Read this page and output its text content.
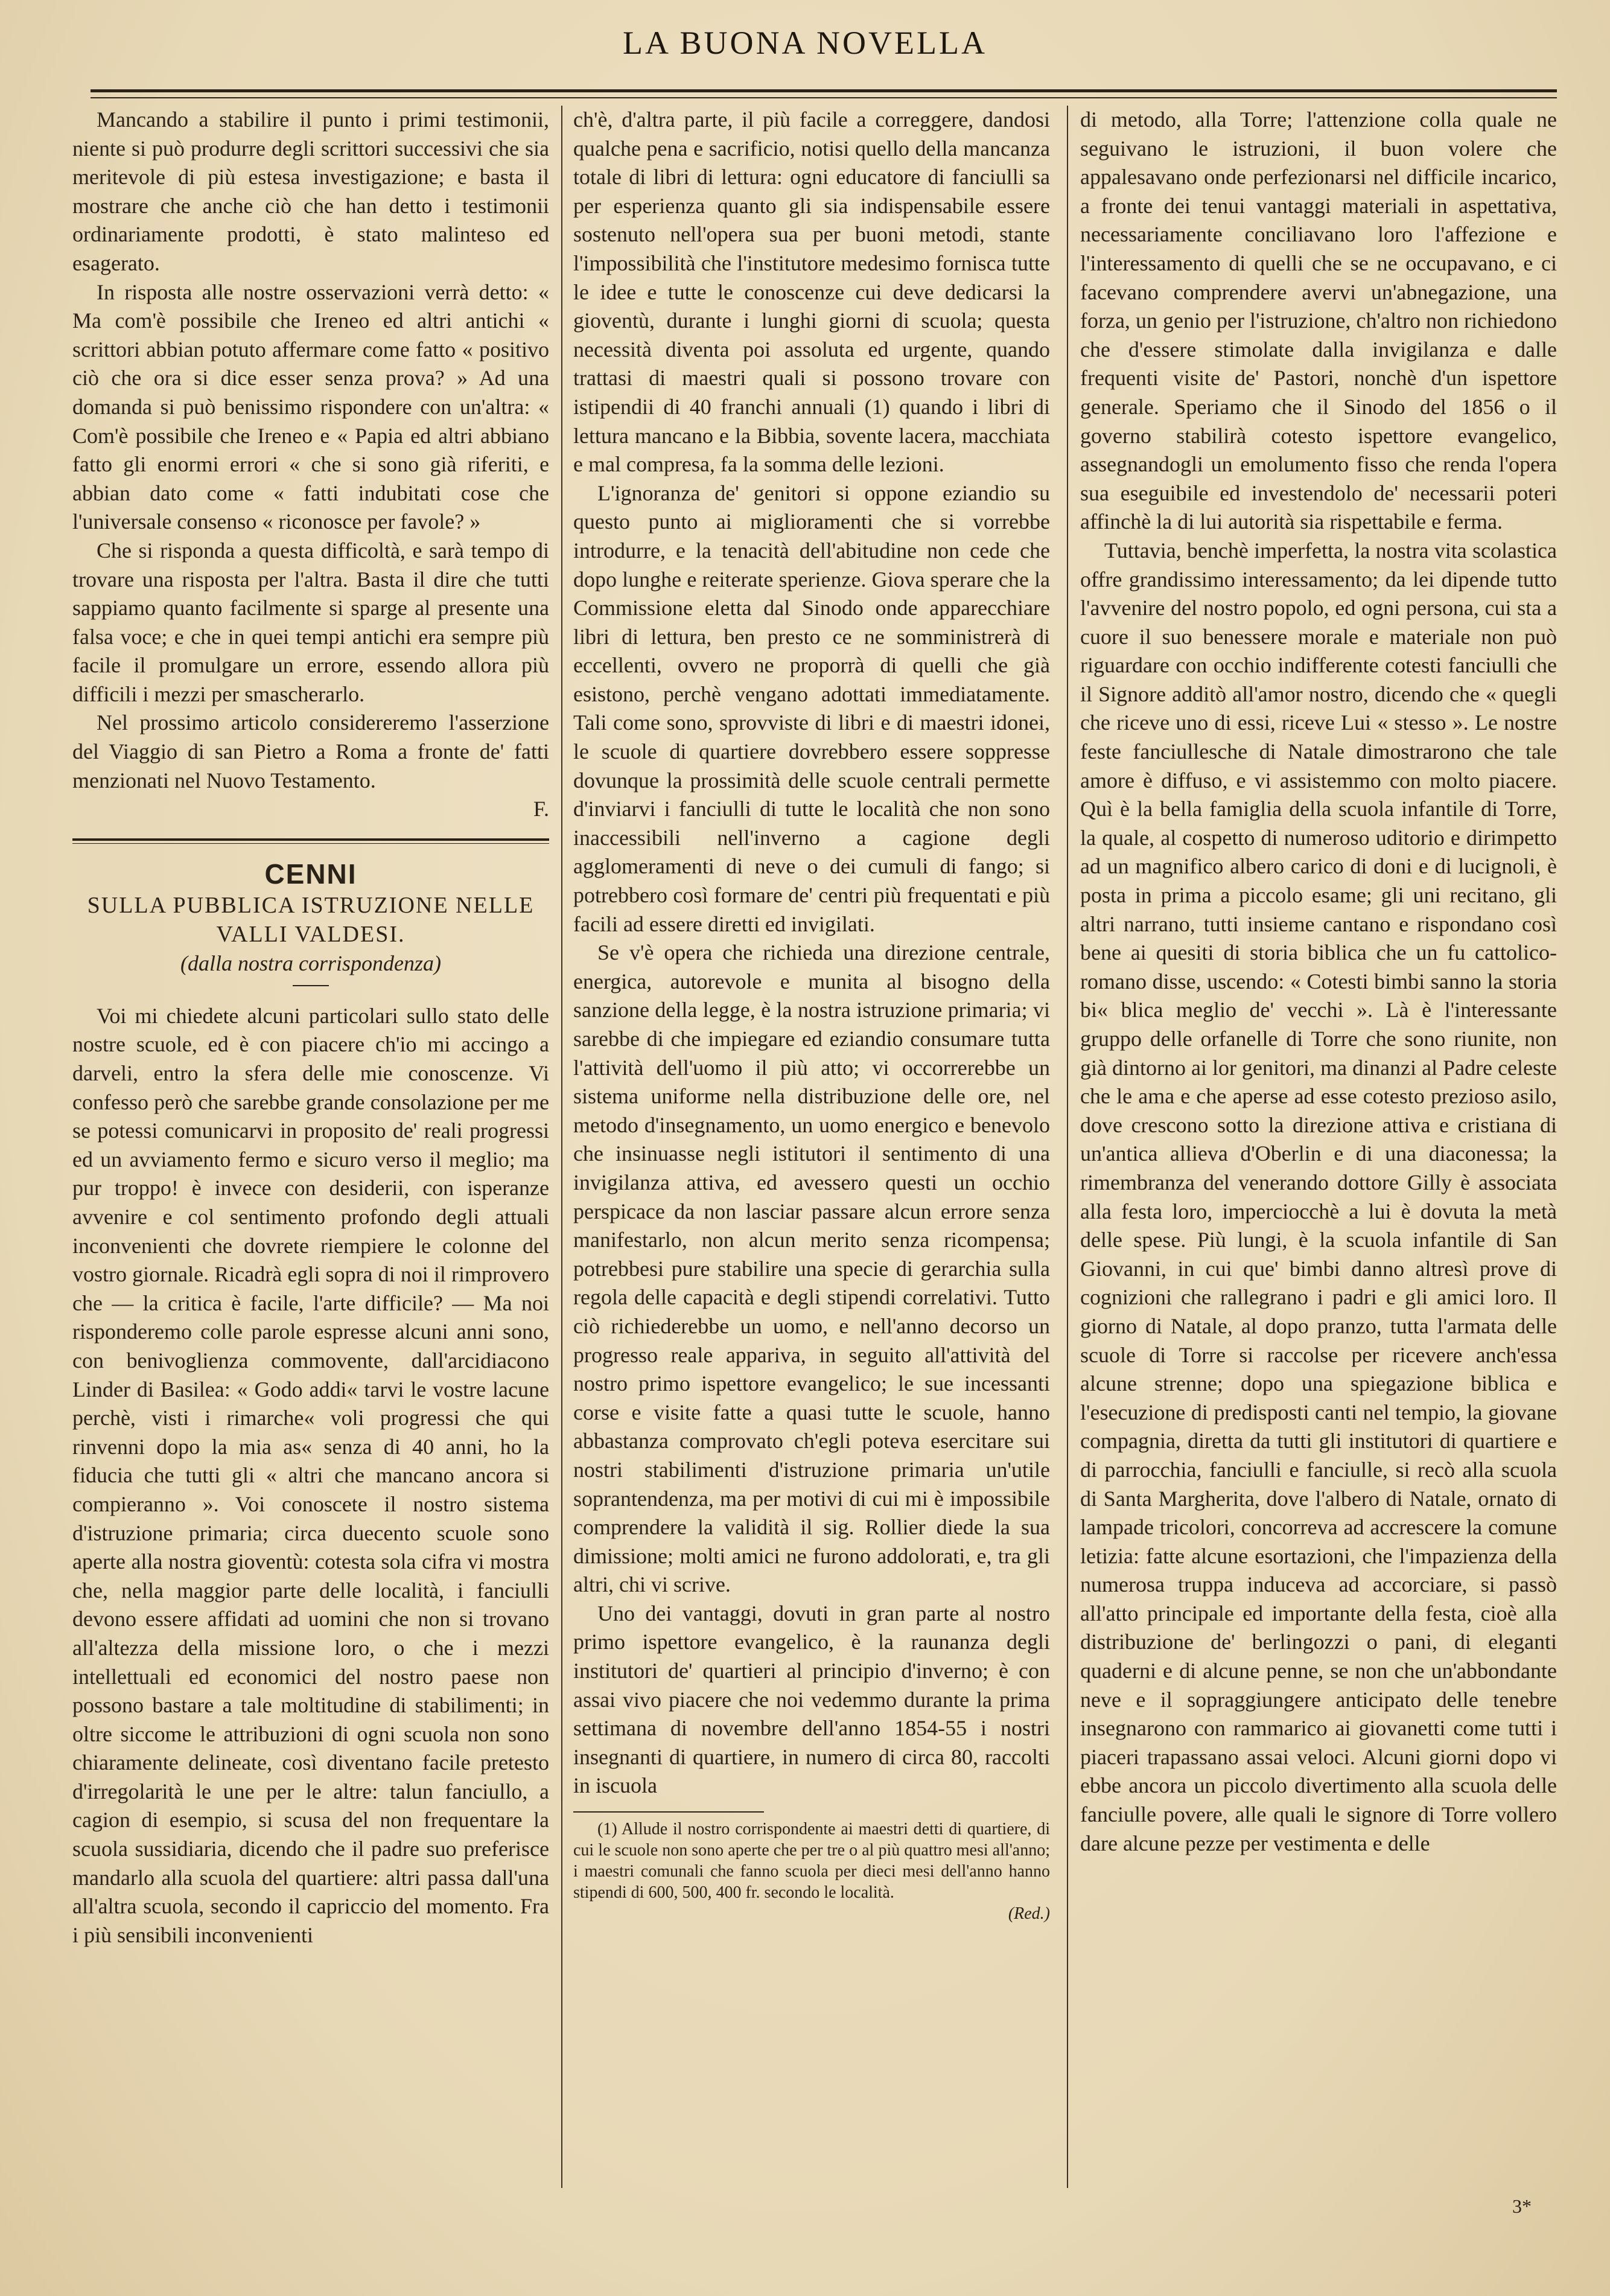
LA BUONA NOVELLA

Mancando a stabilire il punto i primi testimonii, niente si può produrre degli scrittori successivi che sia meritevole di più estesa investigazione; e basta il mostrare che anche ciò che han detto i testimonii ordinariamente prodotti, è stato malinteso ed esagerato.

In risposta alle nostre osservazioni verrà detto: « Ma com'è possibile che Ireneo ed altri antichi « scrittori abbian potuto affermare come fatto « positivo ciò che ora si dice esser senza prova? » Ad una domanda si può benissimo rispondere con un'altra: « Com'è possibile che Ireneo e « Papia ed altri abbiano fatto gli enormi errori « che si sono già riferiti, e abbian dato come « fatti indubitati cose che l'universale consenso « riconosce per favole? »

Che si risponda a questa difficoltà, e sarà tempo di trovare una risposta per l'altra. Basta il dire che tutti sappiamo quanto facilmente si sparge al presente una falsa voce; e che in quei tempi antichi era sempre più facile il promulgare un errore, essendo allora più difficili i mezzi per smascherarlo.

Nel prossimo articolo considereremo l'asserzione del Viaggio di san Pietro a Roma a fronte de' fatti menzionati nel Nuovo Testamento.

F.

CENNI
SULLA PUBBLICA ISTRUZIONE NELLE VALLI VALDESI.
(dalla nostra corrispondenza)

Voi mi chiedete alcuni particolari sullo stato delle nostre scuole, ed è con piacere ch'io mi accingo a darveli, entro la sfera delle mie conoscenze. Vi confesso però che sarebbe grande consolazione per me se potessi comunicarvi in proposito de' reali progressi ed un avviamento fermo e sicuro verso il meglio; ma pur troppo! è invece con desiderii, con isperanze avvenire e col sentimento profondo degli attuali inconvenienti che dovrete riempiere le colonne del vostro giornale. Ricadrà egli sopra di noi il rimprovero che — la critica è facile, l'arte difficile? — Ma noi risponderemo colle parole espresse alcuni anni sono, con benivoglienza commovente, dall'arcidiacono Linder di Basilea: « Godo addi« tarvi le vostre lacune perchè, visti i rimarche« voli progressi che qui rinvenni dopo la mia as« senza di 40 anni, ho la fiducia che tutti gli « altri che mancano ancora si compieranno ». Voi conoscete il nostro sistema d'istruzione primaria; circa duecento scuole sono aperte alla nostra gioventù: cotesta sola cifra vi mostra che, nella maggior parte delle località, i fanciulli devono essere affidati ad uomini che non si trovano all'altezza della missione loro, o che i mezzi intellettuali ed economici del nostro paese non possono bastare a tale moltitudine di stabilimenti; in oltre siccome le attribuzioni di ogni scuola non sono chiaramente delineate, così diventano facile pretesto d'irregolarità le une per le altre: talun fanciullo, a cagion di esempio, si scusa del non frequentare la scuola sussidiaria, dicendo che il padre suo preferisce mandarlo alla scuola del quartiere: altri passa dall'una all'altra scuola, secondo il capriccio del momento. Fra i più sensibili inconvenienti

ch'è, d'altra parte, il più facile a correggere, dandosi qualche pena e sacrificio, notisi quello della mancanza totale di libri di lettura: ogni educatore di fanciulli sa per esperienza quanto gli sia indispensabile essere sostenuto nell'opera sua per buoni metodi, stante l'impossibilità che l'institutore medesimo fornisca tutte le idee e tutte le conoscenze cui deve dedicarsi la gioventù, durante i lunghi giorni di scuola; questa necessità diventa poi assoluta ed urgente, quando trattasi di maestri quali si possono trovare con istipendii di 40 franchi annuali (1) quando i libri di lettura mancano e la Bibbia, sovente lacera, macchiata e mal compresa, fa la somma delle lezioni.

L'ignoranza de' genitori si oppone eziandio su questo punto ai miglioramenti che si vorrebbe introdurre, e la tenacità dell'abitudine non cede che dopo lunghe e reiterate sperienze. Giova sperare che la Commissione eletta dal Sinodo onde apparecchiare libri di lettura, ben presto ce ne somministrerà di eccellenti, ovvero ne proporrà di quelli che già esistono, perchè vengano adottati immediatamente. Tali come sono, sprovviste di libri e di maestri idonei, le scuole di quartiere dovrebbero essere soppresse dovunque la prossimità delle scuole centrali permette d'inviarvi i fanciulli di tutte le località che non sono inaccessibili nell'inverno a cagione degli agglomeramenti di neve o dei cumuli di fango; si potrebbero così formare de' centri più frequentati e più facili ad essere diretti ed invigilati.

Se v'è opera che richieda una direzione centrale, energica, autorevole e munita al bisogno della sanzione della legge, è la nostra istruzione primaria; vi sarebbe di che impiegare ed eziandio consumare tutta l'attività dell'uomo il più atto; vi occorrerebbe un sistema uniforme nella distribuzione delle ore, nel metodo d'insegnamento, un uomo energico e benevolo che insinuasse negli istitutori il sentimento di una invigilanza attiva, ed avessero questi un occhio perspicace da non lasciar passare alcun errore senza manifestarlo, non alcun merito senza ricompensa; potrebbesi pure stabilire una specie di gerarchia sulla regola delle capacità e degli stipendi correlativi. Tutto ciò richiederebbe un uomo, e nell'anno decorso un progresso reale appariva, in seguito all'attività del nostro primo ispettore evangelico; le sue incessanti corse e visite fatte a quasi tutte le scuole, hanno abbastanza comprovato ch'egli poteva esercitare sui nostri stabilimenti d'istruzione primaria un'utile soprantendenza, ma per motivi di cui mi è impossibile comprendere la validità il sig. Rollier diede la sua dimissione; molti amici ne furono addolorati, e, tra gli altri, chi vi scrive.

Uno dei vantaggi, dovuti in gran parte al nostro primo ispettore evangelico, è la raunanza degli institutori de' quartieri al principio d'inverno; è con assai vivo piacere che noi vedemmo durante la prima settimana di novembre dell'anno 1854-55 i nostri insegnanti di quartiere, in numero di circa 80, raccolti in iscuola

(1) Allude il nostro corrispondente ai maestri detti di quartiere, di cui le scuole non sono aperte che per tre o al più quattro mesi all'anno; i maestri comunali che fanno scuola per dieci mesi dell'anno hanno stipendi di 600, 500, 400 fr. secondo le località.
(Red.)

di metodo, alla Torre; l'attenzione colla quale ne seguivano le istruzioni, il buon volere che appalesavano onde perfezionarsi nel difficile incarico, a fronte dei tenui vantaggi materiali in aspettativa, necessariamente conciliavano loro l'affezione e l'interessamento di quelli che se ne occupavano, e ci facevano comprendere avervi un'abnegazione, una forza, un genio per l'istruzione, ch'altro non richiedono che d'essere stimolate dalla invigilanza e dalle frequenti visite de' Pastori, nonchè d'un ispettore generale. Speriamo che il Sinodo del 1856 o il governo stabilirà cotesto ispettore evangelico, assegnandogli un emolumento fisso che renda l'opera sua eseguibile ed investendolo de' necessarii poteri affinchè la di lui autorità sia rispettabile e ferma.

Tuttavia, benchè imperfetta, la nostra vita scolastica offre grandissimo interessamento; da lei dipende tutto l'avvenire del nostro popolo, ed ogni persona, cui sta a cuore il suo benessere morale e materiale non può riguardare con occhio indifferente cotesti fanciulli che il Signore additò all'amor nostro, dicendo che « quegli che riceve uno di essi, riceve Lui « stesso ». Le nostre feste fanciullesche di Natale dimostrarono che tale amore è diffuso, e vi assistemmo con molto piacere. Quì è la bella famiglia della scuola infantile di Torre, la quale, al cospetto di numeroso uditorio e dirimpetto ad un magnifico albero carico di doni e di lucignoli, è posta in prima a piccolo esame; gli uni recitano, gli altri narrano, tutti insieme cantano e rispondano così bene ai quesiti di storia biblica che un fu cattolico-romano disse, uscendo: « Cotesti bimbi sanno la storia bi« blica meglio de' vecchi ». Là è l'interessante gruppo delle orfanelle di Torre che sono riunite, non già dintorno ai lor genitori, ma dinanzi al Padre celeste che le ama e che aperse ad esse cotesto prezioso asilo, dove crescono sotto la direzione attiva e cristiana di un'antica allieva d'Oberlin e di una diaconessa; la rimembranza del venerando dottore Gilly è associata alla festa loro, imperciocchè a lui è dovuta la metà delle spese. Più lungi, è la scuola infantile di San Giovanni, in cui que' bimbi danno altresì prove di cognizioni che rallegrano i padri e gli amici loro. Il giorno di Natale, al dopo pranzo, tutta l'armata delle scuole di Torre si raccolse per ricevere anch'essa alcune strenne; dopo una spiegazione biblica e l'esecuzione di predisposti canti nel tempio, la giovane compagnia, diretta da tutti gli institutori di quartiere e di parrocchia, fanciulli e fanciulle, si recò alla scuola di Santa Margherita, dove l'albero di Natale, ornato di lampade tricolori, concorreva ad accrescere la comune letizia: fatte alcune esortazioni, che l'impazienza della numerosa truppa induceva ad accorciare, si passò all'atto principale ed importante della festa, cioè alla distribuzione de' berlingozzi o pani, di eleganti quaderni e di alcune penne, se non che un'abbondante neve e il sopraggiungere anticipato delle tenebre insegnarono con rammarico ai giovanetti come tutti i piaceri trapassano assai veloci. Alcuni giorni dopo vi ebbe ancora un piccolo divertimento alla scuola delle fanciulle povere, alle quali le signore di Torre vollero dare alcune pezze per vestimenta e delle

3*
